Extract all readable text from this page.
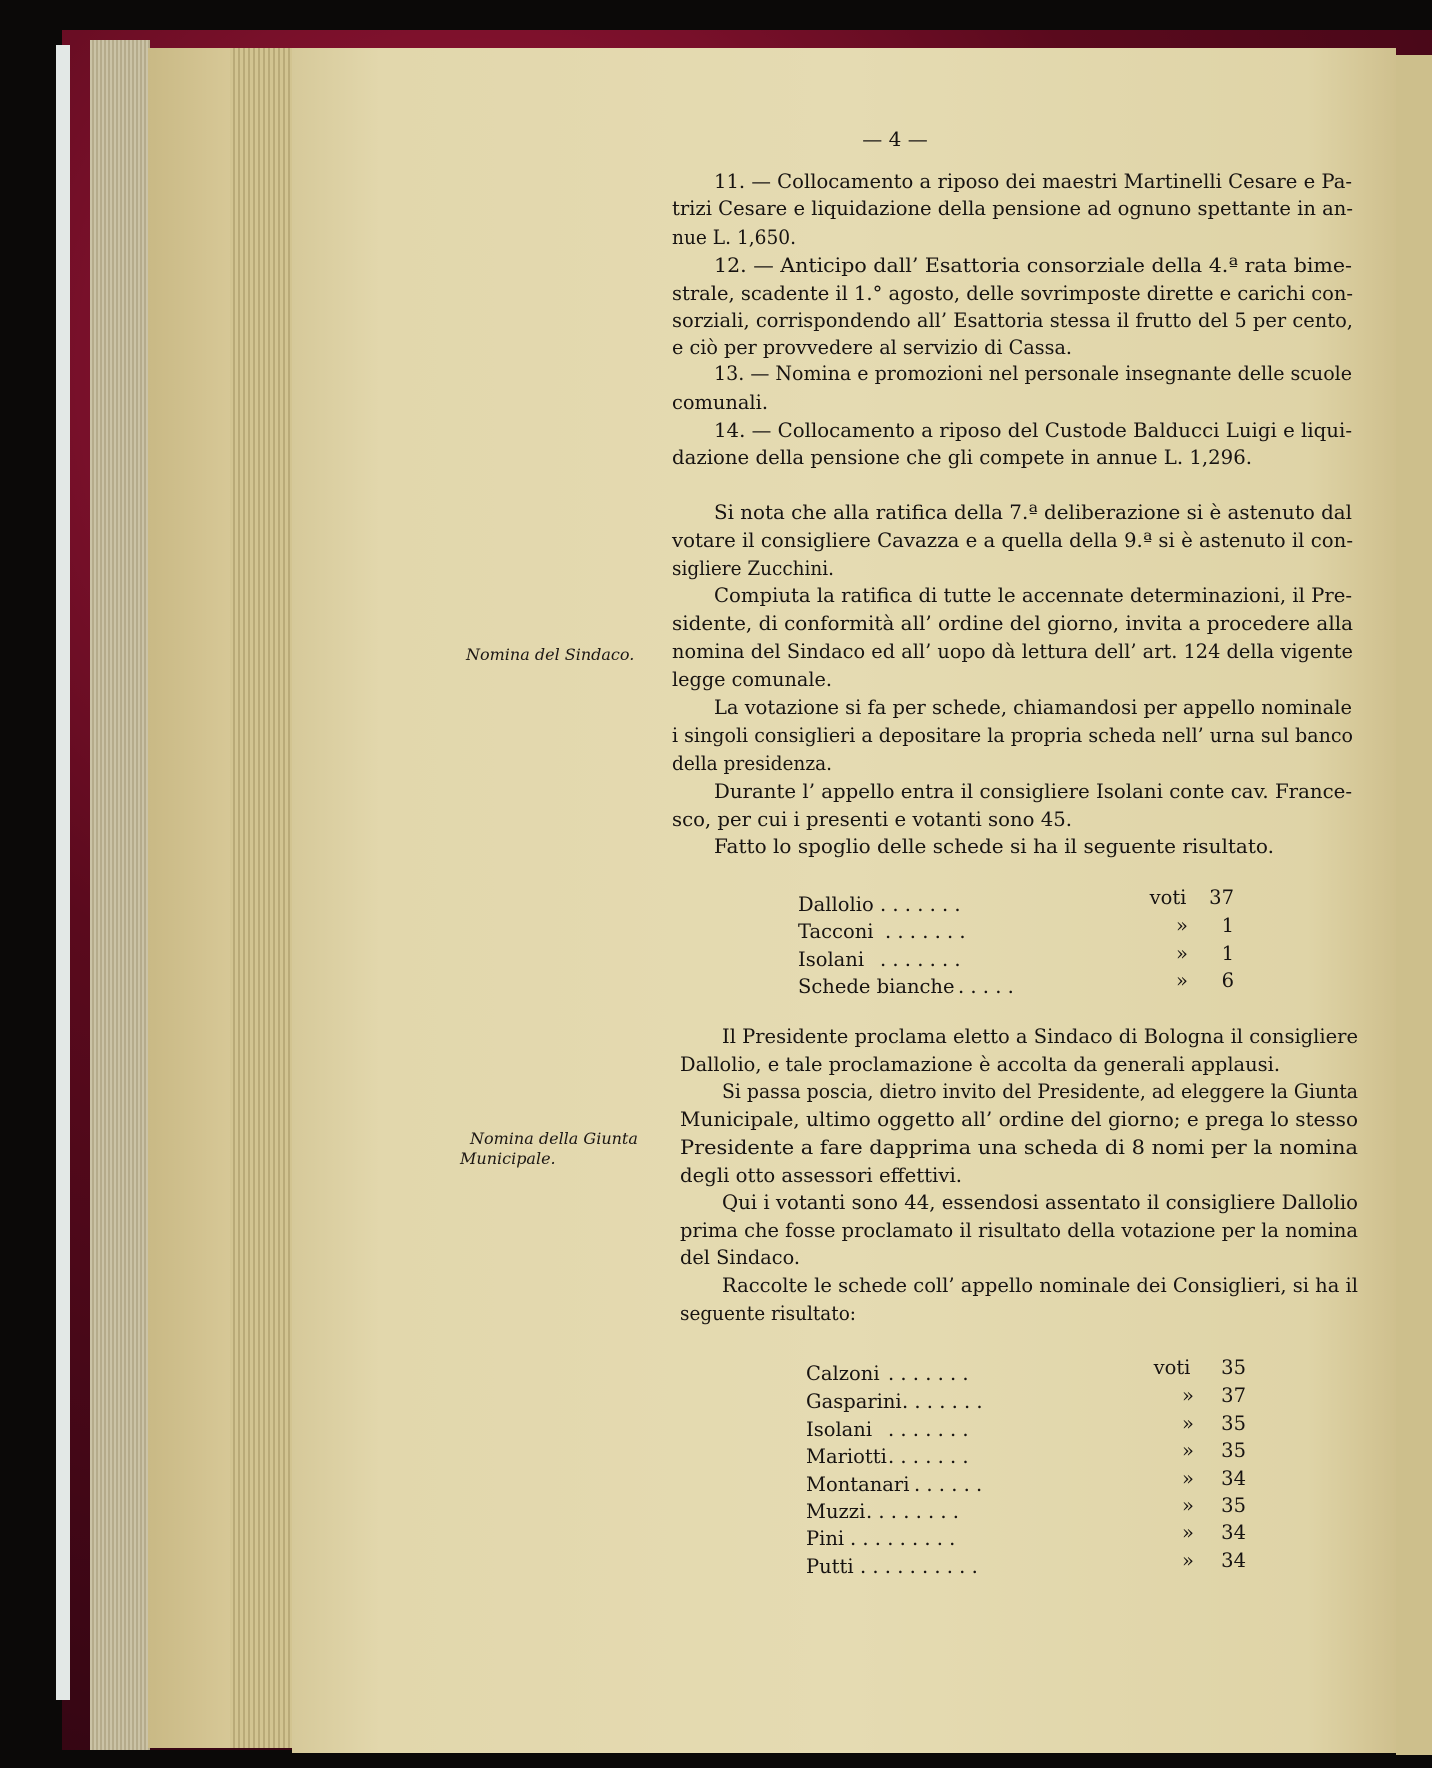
— 4 —
Nomina del Sindaco.
Nomina della Giunta
Municipale.
11. — Collocamento a riposo dei maestri Martinelli Cesare e Pa-
trizi Cesare e liquidazione della pensione ad ognuno spettante in an-
nue L. 1,650.
12. — Anticipo dall’ Esattoria consorziale della 4.ª rata bime-
strale, scadente il 1.° agosto, delle sovrimposte dirette e carichi con-
sorziali, corrispondendo all’ Esattoria stessa il frutto del 5 per cento,
e ciò per provvedere al servizio di Cassa.
13. — Nomina e promozioni nel personale insegnante delle scuole
comunali.
14. — Collocamento a riposo del Custode Balducci Luigi e liqui-
dazione della pensione che gli compete in annue L. 1,296.
Si nota che alla ratifica della 7.ª deliberazione si è astenuto dal
votare il consigliere Cavazza e a quella della 9.ª si è astenuto il con-
sigliere Zucchini.
Compiuta la ratifica di tutte le accennate determinazioni, il Pre-
sidente, di conformità all’ ordine del giorno, invita a procedere alla
nomina del Sindaco ed all’ uopo dà lettura dell’ art. 124 della vigente
legge comunale.
La votazione si fa per schede, chiamandosi per appello nominale
i singoli consiglieri a depositare la propria scheda nell’ urna sul banco
della presidenza.
Durante l’ appello entra il consigliere Isolani conte cav. France-
sco, per cui i presenti e votanti sono 45.
Fatto lo spoglio delle schede si ha il seguente risultato.
Dallolio . . . . . . .	voti 37
Tacconi . . . . . . .	» 1
Isolani . . . . . . .	» 1
Schede bianche . . . . .	» 6
Il Presidente proclama eletto a Sindaco di Bologna il consigliere
Dallolio, e tale proclamazione è accolta da generali applausi.
Si passa poscia, dietro invito del Presidente, ad eleggere la Giunta
Municipale, ultimo oggetto all’ ordine del giorno; e prega lo stesso
Presidente a fare dapprima una scheda di 8 nomi per la nomina
degli otto assessori effettivi.
Qui i votanti sono 44, essendosi assentato il consigliere Dallolio
prima che fosse proclamato il risultato della votazione per la nomina
del Sindaco.
Raccolte le schede coll’ appello nominale dei Consiglieri, si ha il
seguente risultato:
Calzoni . . . . . . .	voti 35
Gasparini . . . . . . .	» 37
Isolani . . . . . . .	» 35
Mariotti . . . . . . .	» 35
Montanari . . . . . .	» 34
Muzzi . . . . . . . .	» 35
Pini . . . . . . . . .	» 34
Putti . . . . . . . . . .	» 34
